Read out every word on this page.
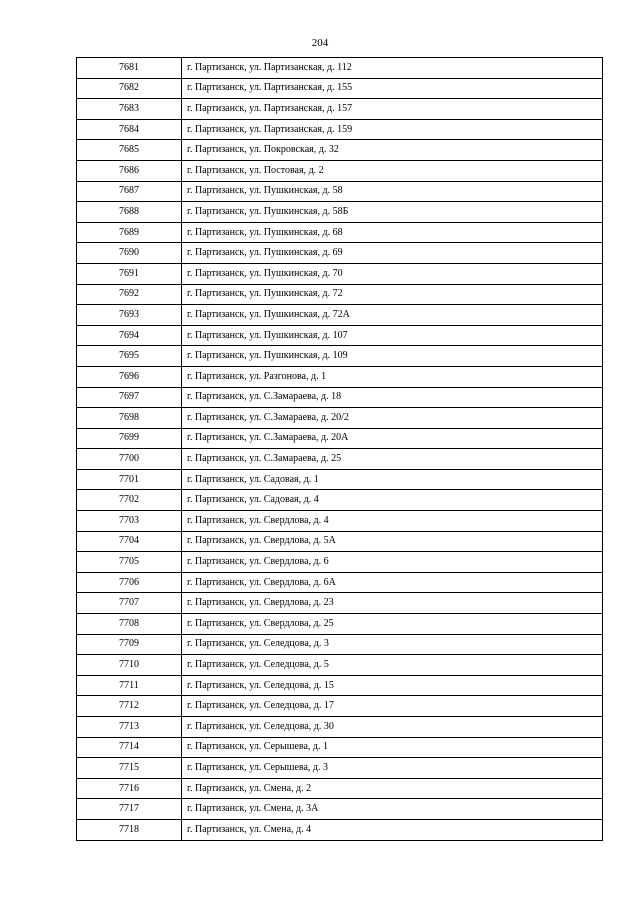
204
7681	г. Партизанск, ул. Партизанская, д. 112
7682	г. Партизанск, ул. Партизанская, д. 155
7683	г. Партизанск, ул. Партизанская, д. 157
7684	г. Партизанск, ул. Партизанская, д. 159
7685	г. Партизанск, ул. Покровская, д. 32
7686	г. Партизанск, ул. Постовая, д. 2
7687	г. Партизанск, ул. Пушкинская, д. 58
7688	г. Партизанск, ул. Пушкинская, д. 58Б
7689	г. Партизанск, ул. Пушкинская, д. 68
7690	г. Партизанск, ул. Пушкинская, д. 69
7691	г. Партизанск, ул. Пушкинская, д. 70
7692	г. Партизанск, ул. Пушкинская, д. 72
7693	г. Партизанск, ул. Пушкинская, д. 72А
7694	г. Партизанск, ул. Пушкинская, д. 107
7695	г. Партизанск, ул. Пушкинская, д. 109
7696	г. Партизанск, ул. Разгонова, д. 1
7697	г. Партизанск, ул. С.Замараева, д. 18
7698	г. Партизанск, ул. С.Замараева, д. 20/2
7699	г. Партизанск, ул. С.Замараева, д. 20А
7700	г. Партизанск, ул. С.Замараева, д. 25
7701	г. Партизанск, ул. Садовая, д. 1
7702	г. Партизанск, ул. Садовая, д. 4
7703	г. Партизанск, ул. Свердлова, д. 4
7704	г. Партизанск, ул. Свердлова, д. 5А
7705	г. Партизанск, ул. Свердлова, д. 6
7706	г. Партизанск, ул. Свердлова, д. 6А
7707	г. Партизанск, ул. Свердлова, д. 23
7708	г. Партизанск, ул. Свердлова, д. 25
7709	г. Партизанск, ул. Селедцова, д. 3
7710	г. Партизанск, ул. Селедцова, д. 5
7711	г. Партизанск, ул. Селедцова, д. 15
7712	г. Партизанск, ул. Селедцова, д. 17
7713	г. Партизанск, ул. Селедцова, д. 30
7714	г. Партизанск, ул. Серышева, д. 1
7715	г. Партизанск, ул. Серышева, д. 3
7716	г. Партизанск, ул. Смена, д. 2
7717	г. Партизанск, ул. Смена, д. 3А
7718	г. Партизанск, ул. Смена, д. 4
